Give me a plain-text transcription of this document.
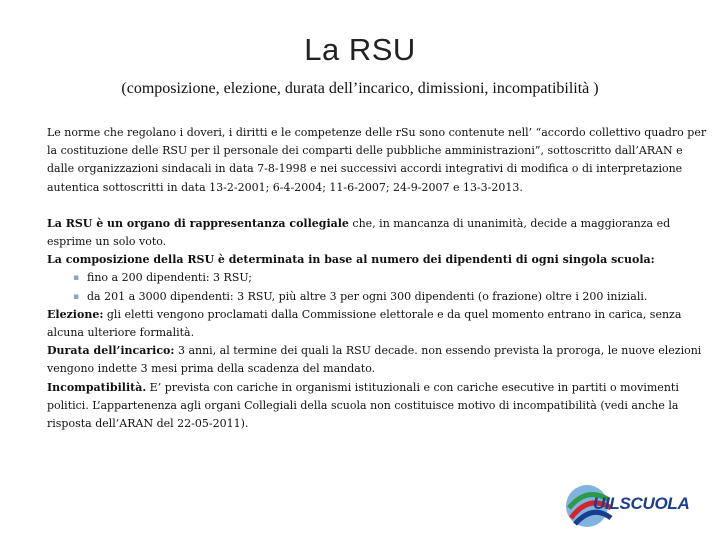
La RSU
(composizione, elezione, durata dell’incarico, dimissioni, incompatibilità )

Le norme che regolano i doveri, i diritti e le competenze delle rSu sono contenute nell’ “accordo collettivo quadro per la costituzione delle RSU per il personale dei comparti delle pubbliche amministrazioni”, sottoscritto dall’ARAN e dalle organizzazioni sindacali in data 7-8-1998 e nei successivi accordi integrativi di modifica o di interpretazione autentica sottoscritti in data 13-2-2001; 6-4-2004; 11-6-2007; 24-9-2007 e 13-3-2013.

La RSU è un organo di rappresentanza collegiale che, in mancanza di unanimità, decide a maggioranza ed esprime un solo voto.

La composizione della RSU è determinata in base al numero dei dipendenti di ogni singola scuola:

▪ fino a 200 dipendenti: 3 RSU;
▪ da 201 a 3000 dipendenti: 3 RSU, più altre 3 per ogni 300 dipendenti (o frazione) oltre i 200 iniziali.

Elezione: gli eletti vengono proclamati dalla Commissione elettorale e da quel momento entrano in carica, senza alcuna ulteriore formalità.

Durata dell’incarico: 3 anni, al termine dei quali la RSU decade. non essendo prevista la proroga, le nuove elezioni vengono indette 3 mesi prima della scadenza del mandato.

Incompatibilità. E’ prevista con cariche in organismi istituzionali e con cariche esecutive in partiti o movimenti politici. L’appartenenza agli organi Collegiali della scuola non costituisce motivo di incompatibilità (vedi anche la risposta dell’ARAN del 22-05-2011).

UILSCUOLA
